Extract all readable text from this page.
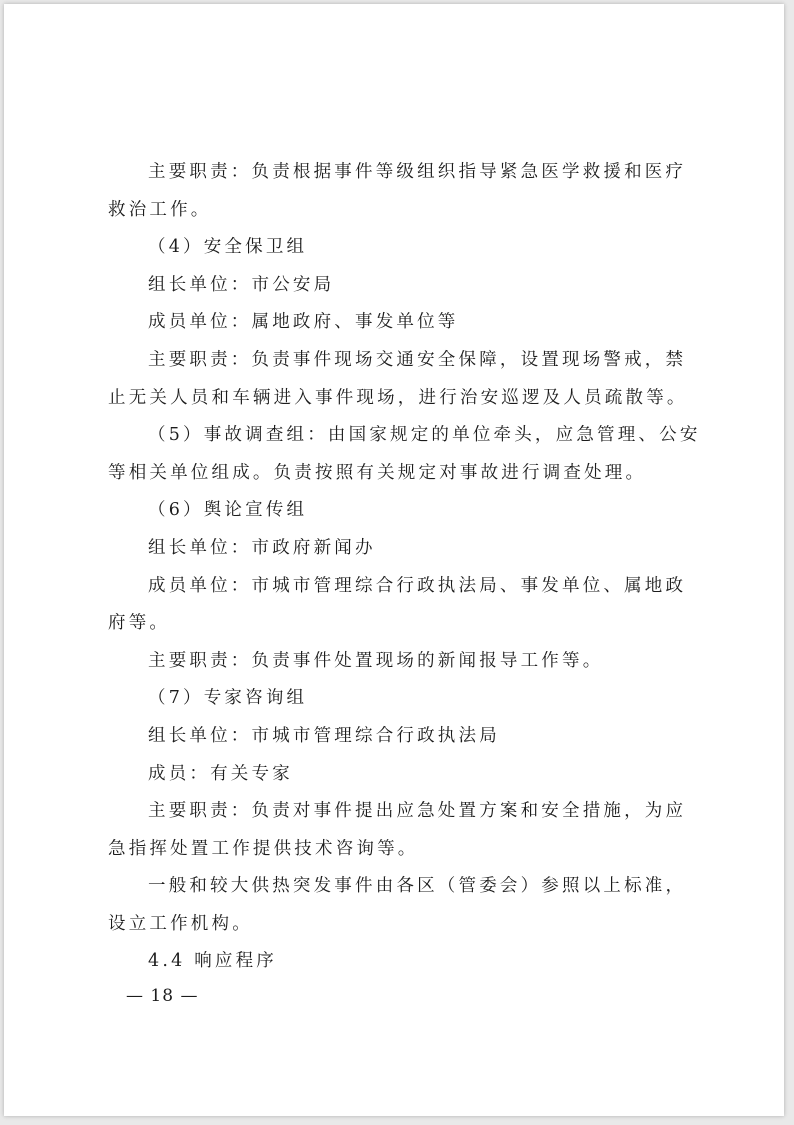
主要职责：负责根据事件等级组织指导紧急医学救援和医疗
救治工作。
（4）安全保卫组
组长单位：市公安局
成员单位：属地政府、事发单位等
主要职责：负责事件现场交通安全保障，设置现场警戒，禁
止无关人员和车辆进入事件现场，进行治安巡逻及人员疏散等。
（5）事故调查组：由国家规定的单位牵头，应急管理、公安
等相关单位组成。负责按照有关规定对事故进行调查处理。
（6）舆论宣传组
组长单位：市政府新闻办
成员单位：市城市管理综合行政执法局、事发单位、属地政
府等。
主要职责：负责事件处置现场的新闻报导工作等。
（7）专家咨询组
组长单位：市城市管理综合行政执法局
成员：有关专家
主要职责：负责对事件提出应急处置方案和安全措施，为应
急指挥处置工作提供技术咨询等。
一般和较大供热突发事件由各区（管委会）参照以上标准，
设立工作机构。
4.4 响应程序
— 18 —
